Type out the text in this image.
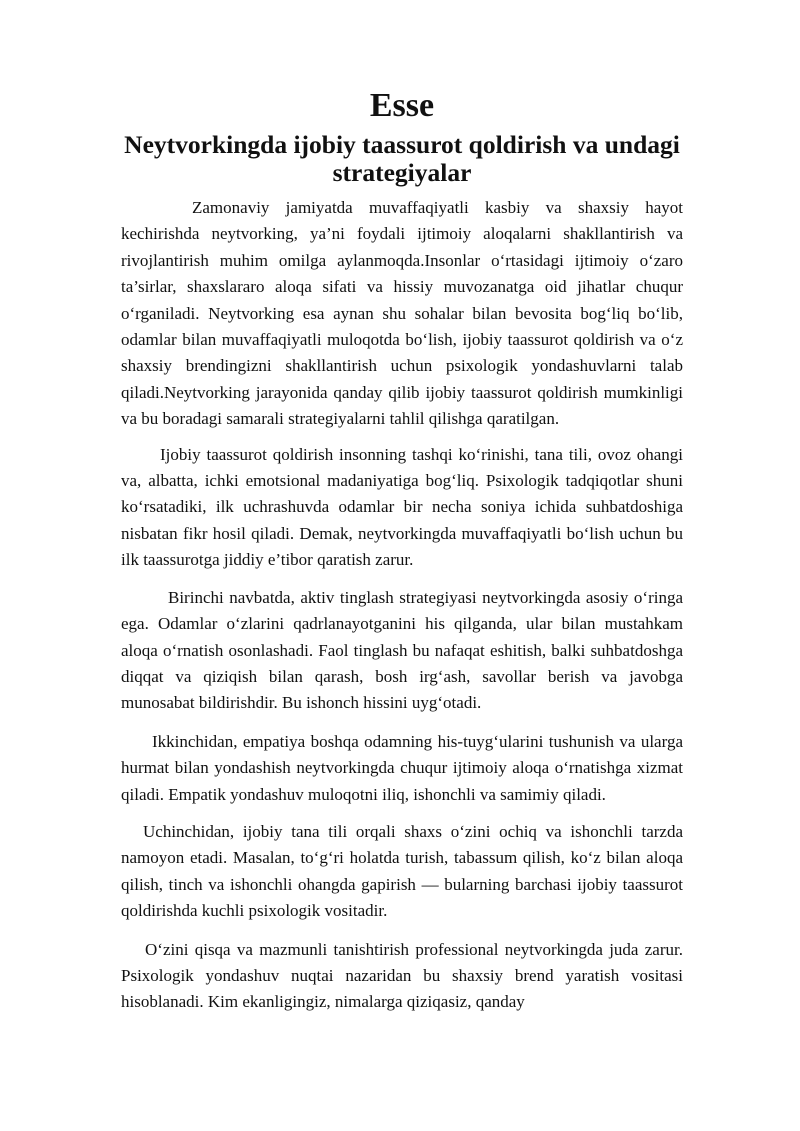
Esse
Neytvorkingda ijobiy taassurot qoldirish va undagi strategiyalar

Zamonaviy jamiyatda muvaffaqiyatli kasbiy va shaxsiy hayot kechirishda neytvorking, ya’ni foydali ijtimoiy aloqalarni shakllantirish va rivojlantirish muhim omilga aylanmoqda.Insonlar o‘rtasidagi ijtimoiy o‘zaro ta’sirlar, shaxslararo aloqa sifati va hissiy muvozanatga oid jihatlar chuqur o‘rganiladi. Neytvorking esa aynan shu sohalar bilan bevosita bog‘liq bo‘lib, odamlar bilan muvaffaqiyatli muloqotda bo‘lish, ijobiy taassurot qoldirish va o‘z shaxsiy brendingizni shakllantirish uchun psixologik yondashuvlarni talab qiladi.Neytvorking jarayonida qanday qilib ijobiy taassurot qoldirish mumkinligi va bu boradagi samarali strategiyalarni tahlil qilishga qaratilgan.

Ijobiy taassurot qoldirish insonning tashqi ko‘rinishi, tana tili, ovoz ohangi va, albatta, ichki emotsional madaniyatiga bog‘liq. Psixologik tadqiqotlar shuni ko‘rsatadiki, ilk uchrashuvda odamlar bir necha soniya ichida suhbatdoshiga nisbatan fikr hosil qiladi. Demak, neytvorkingda muvaffaqiyatli bo‘lish uchun bu ilk taassurotga jiddiy e’tibor qaratish zarur.

Birinchi navbatda, aktiv tinglash strategiyasi neytvorkingda asosiy o‘ringa ega. Odamlar o‘zlarini qadrlanayotganini his qilganda, ular bilan mustahkam aloqa o‘rnatish osonlashadi. Faol tinglash bu nafaqat eshitish, balki suhbatdoshga diqqat va qiziqish bilan qarash, bosh irg‘ash, savollar berish va javobga munosabat bildirishdir. Bu ishonch hissini uyg‘otadi.

Ikkinchidan, empatiya boshqa odamning his-tuyg‘ularini tushunish va ularga hurmat bilan yondashish neytvorkingda chuqur ijtimoiy aloqa o‘rnatishga xizmat qiladi. Empatik yondashuv muloqotni iliq, ishonchli va samimiy qiladi.

Uchinchidan, ijobiy tana tili orqali shaxs o‘zini ochiq va ishonchli tarzda namoyon etadi. Masalan, to‘g‘ri holatda turish, tabassum qilish, ko‘z bilan aloqa qilish, tinch va ishonchli ohangda gapirish — bularning barchasi ijobiy taassurot qoldirishda kuchli psixologik vositadir.

O‘zini qisqa va mazmunli tanishtirish professional neytvorkingda juda zarur. Psixologik yondashuv nuqtai nazaridan bu shaxsiy brend yaratish vositasi hisoblanadi. Kim ekanligingiz, nimalarga qiziqasiz, qanday
